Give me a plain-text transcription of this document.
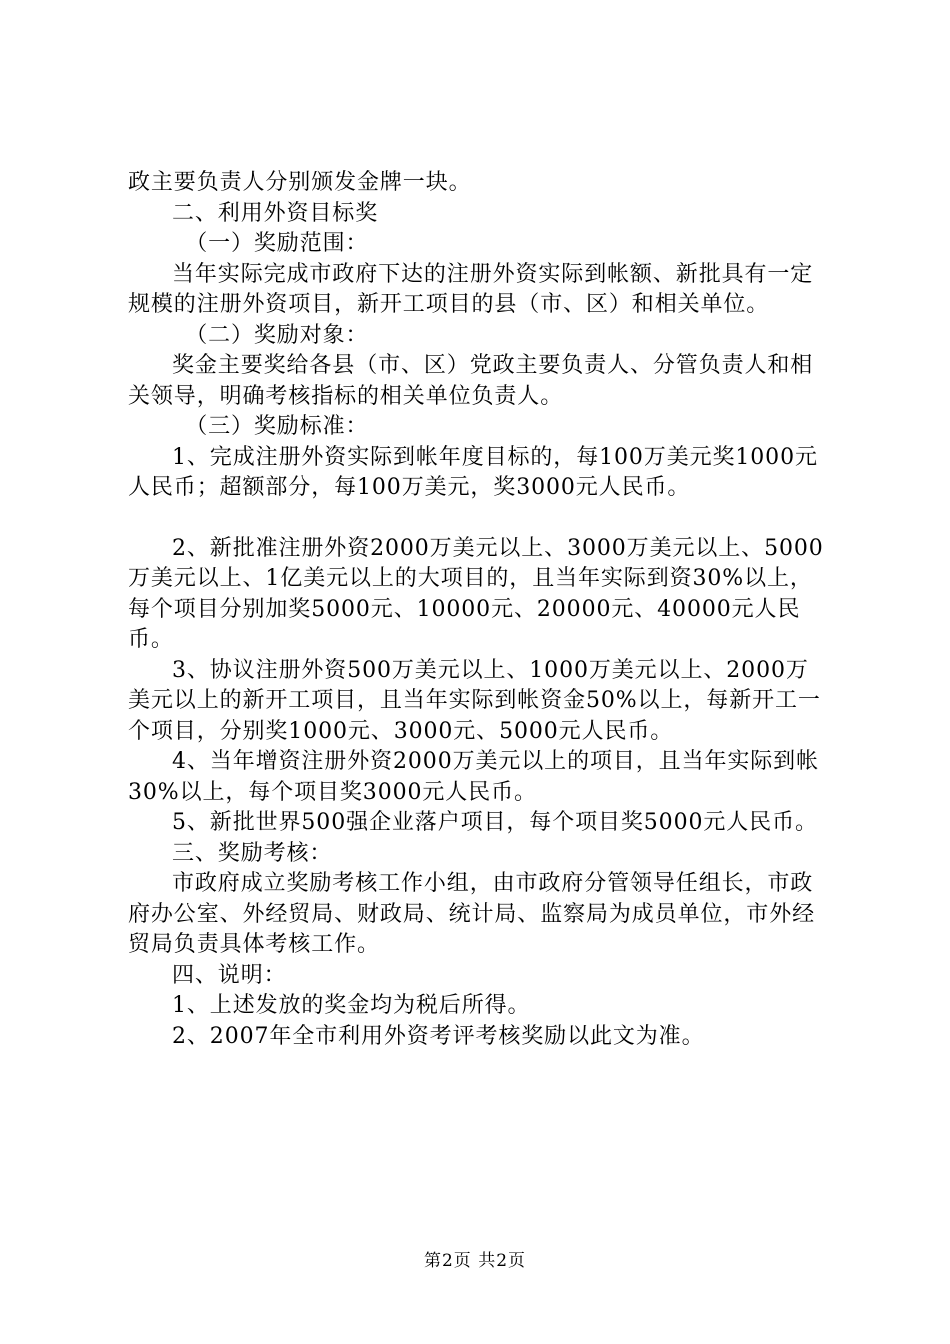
政主要负责人分别颁发金牌一块。

二、利用外资目标奖

（一）奖励范围：

当年实际完成市政府下达的注册外资实际到帐额、新批具有一定规模的注册外资项目，新开工项目的县（市、区）和相关单位。

（二）奖励对象：

奖金主要奖给各县（市、区）党政主要负责人、分管负责人和相关领导，明确考核指标的相关单位负责人。

（三）奖励标准：

1、完成注册外资实际到帐年度目标的，每100万美元奖1000元人民币；超额部分，每100万美元，奖3000元人民币。

2、新批准注册外资2000万美元以上、3000万美元以上、5000万美元以上、1亿美元以上的大项目的，且当年实际到资30%以上，每个项目分别加奖5000元、10000元、20000元、40000元人民币。

3、协议注册外资500万美元以上、1000万美元以上、2000万美元以上的新开工项目，且当年实际到帐资金50%以上，每新开工一个项目，分别奖1000元、3000元、5000元人民币。

4、当年增资注册外资2000万美元以上的项目，且当年实际到帐30%以上，每个项目奖3000元人民币。

5、新批世界500强企业落户项目，每个项目奖5000元人民币。

三、奖励考核：

市政府成立奖励考核工作小组，由市政府分管领导任组长，市政府办公室、外经贸局、财政局、统计局、监察局为成员单位，市外经贸局负责具体考核工作。

四、说明：

1、上述发放的奖金均为税后所得。

2、2007年全市利用外资考评考核奖励以此文为准。

第2页 共2页
